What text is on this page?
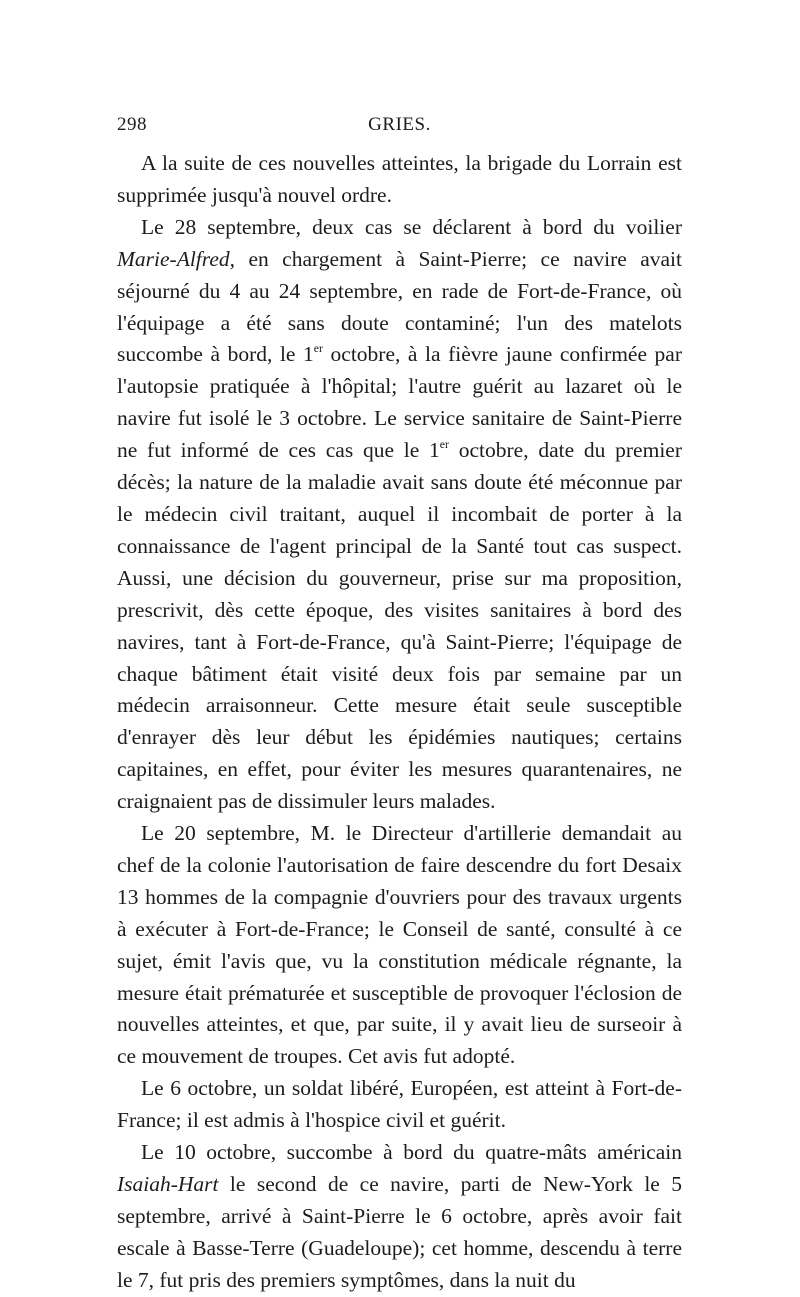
298	GRIES.

A la suite de ces nouvelles atteintes, la brigade du Lorrain est supprimée jusqu'à nouvel ordre.

Le 28 septembre, deux cas se déclarent à bord du voilier Marie-Alfred, en chargement à Saint-Pierre; ce navire avait séjourné du 4 au 24 septembre, en rade de Fort-de-France, où l'équipage a été sans doute contaminé; l'un des matelots succombe à bord, le 1er octobre, à la fièvre jaune confirmée par l'autopsie pratiquée à l'hôpital; l'autre guérit au lazaret où le navire fut isolé le 3 octobre. Le service sanitaire de Saint-Pierre ne fut informé de ces cas que le 1er octobre, date du premier décès; la nature de la maladie avait sans doute été méconnue par le médecin civil traitant, auquel il incombait de porter à la connaissance de l'agent principal de la Santé tout cas suspect. Aussi, une décision du gouverneur, prise sur ma proposition, prescrivit, dès cette époque, des visites sanitaires à bord des navires, tant à Fort-de-France, qu'à Saint-Pierre; l'équipage de chaque bâtiment était visité deux fois par semaine par un médecin arraisonneur. Cette mesure était seule susceptible d'enrayer dès leur début les épidémies nautiques; certains capitaines, en effet, pour éviter les mesures quarantenaires, ne craignaient pas de dissimuler leurs malades.

Le 20 septembre, M. le Directeur d'artillerie demandait au chef de la colonie l'autorisation de faire descendre du fort Desaix 13 hommes de la compagnie d'ouvriers pour des travaux urgents à exécuter à Fort-de-France; le Conseil de santé, consulté à ce sujet, émit l'avis que, vu la constitution médicale régnante, la mesure était prématurée et susceptible de provoquer l'éclosion de nouvelles atteintes, et que, par suite, il y avait lieu de surseoir à ce mouvement de troupes. Cet avis fut adopté.

Le 6 octobre, un soldat libéré, Européen, est atteint à Fort-de-France; il est admis à l'hospice civil et guérit.

Le 10 octobre, succombe à bord du quatre-mâts américain Isaiah-Hart le second de ce navire, parti de New-York le 5 septembre, arrivé à Saint-Pierre le 6 octobre, après avoir fait escale à Basse-Terre (Guadeloupe); cet homme, descendu à terre le 7, fut pris des premiers symptômes, dans la nuit du
